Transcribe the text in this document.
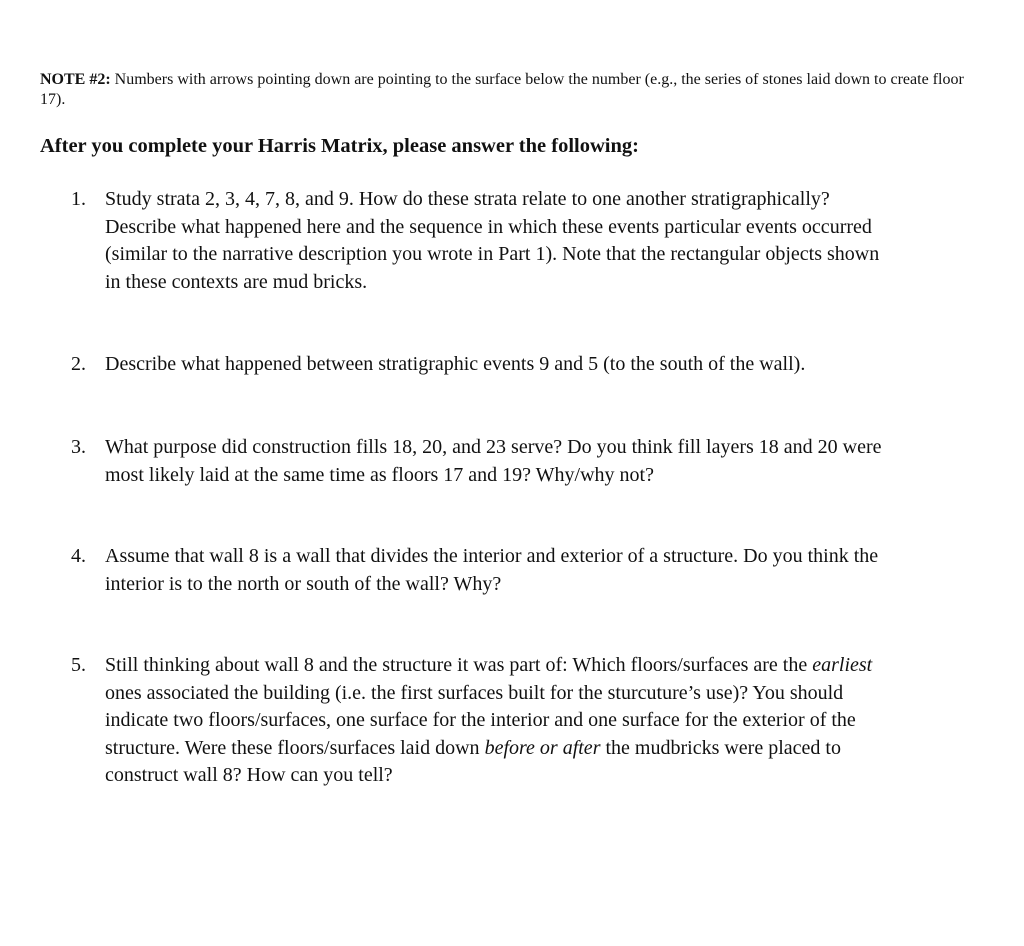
NOTE #2: Numbers with arrows pointing down are pointing to the surface below the number (e.g., the series of stones laid down to create floor 17).
After you complete your Harris Matrix, please answer the following:
1. Study strata 2, 3, 4, 7, 8, and 9. How do these strata relate to one another stratigraphically?
Describe what happened here and the sequence in which these events particular events occurred
(similar to the narrative description you wrote in Part 1). Note that the rectangular objects shown
in these contexts are mud bricks.
2. Describe what happened between stratigraphic events 9 and 5 (to the south of the wall).
3. What purpose did construction fills 18, 20, and 23 serve? Do you think fill layers 18 and 20 were
most likely laid at the same time as floors 17 and 19? Why/why not?
4. Assume that wall 8 is a wall that divides the interior and exterior of a structure. Do you think the
interior is to the north or south of the wall? Why?
5. Still thinking about wall 8 and the structure it was part of: Which floors/surfaces are the earliest
ones associated the building (i.e. the first surfaces built for the sturcuture’s use)? You should
indicate two floors/surfaces, one surface for the interior and one surface for the exterior of the
structure. Were these floors/surfaces laid down before or after the mudbricks were placed to
construct wall 8? How can you tell?
